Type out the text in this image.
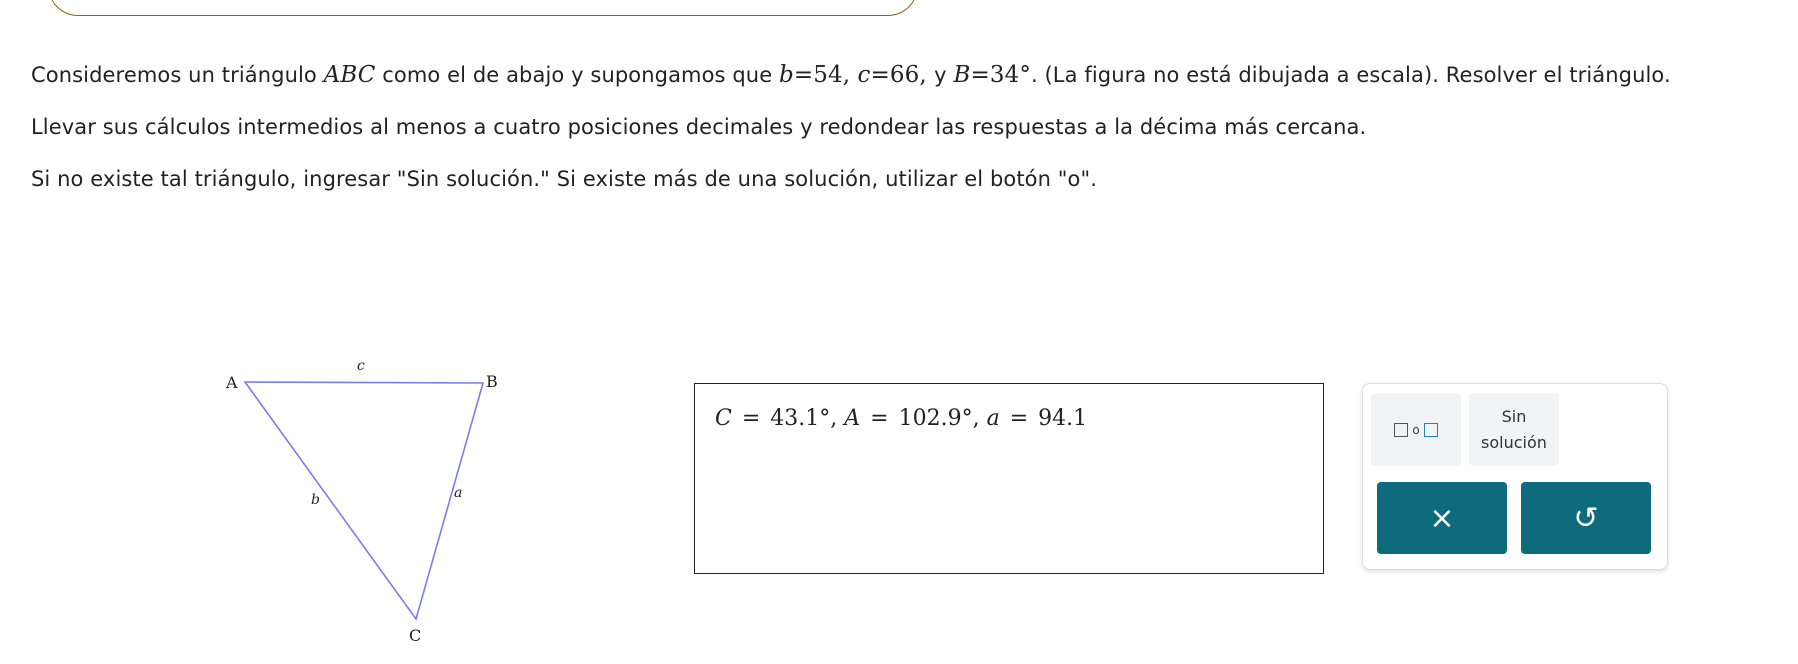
Consideremos un triángulo ABC como el de abajo y supongamos que b=54, c=66, y B=34°. (La figura no está dibujada a escala). Resolver el triángulo.

Llevar sus cálculos intermedios al menos a cuatro posiciones decimales y redondear las respuestas a la décima más cercana.

Si no existe tal triángulo, ingresar "Sin solución." Si existe más de una solución, utilizar el botón "o".

A	B
C
c
b	a
C = 43.1°, A = 102.9°, a = 94.1	o
Sin
solución
×	↺
